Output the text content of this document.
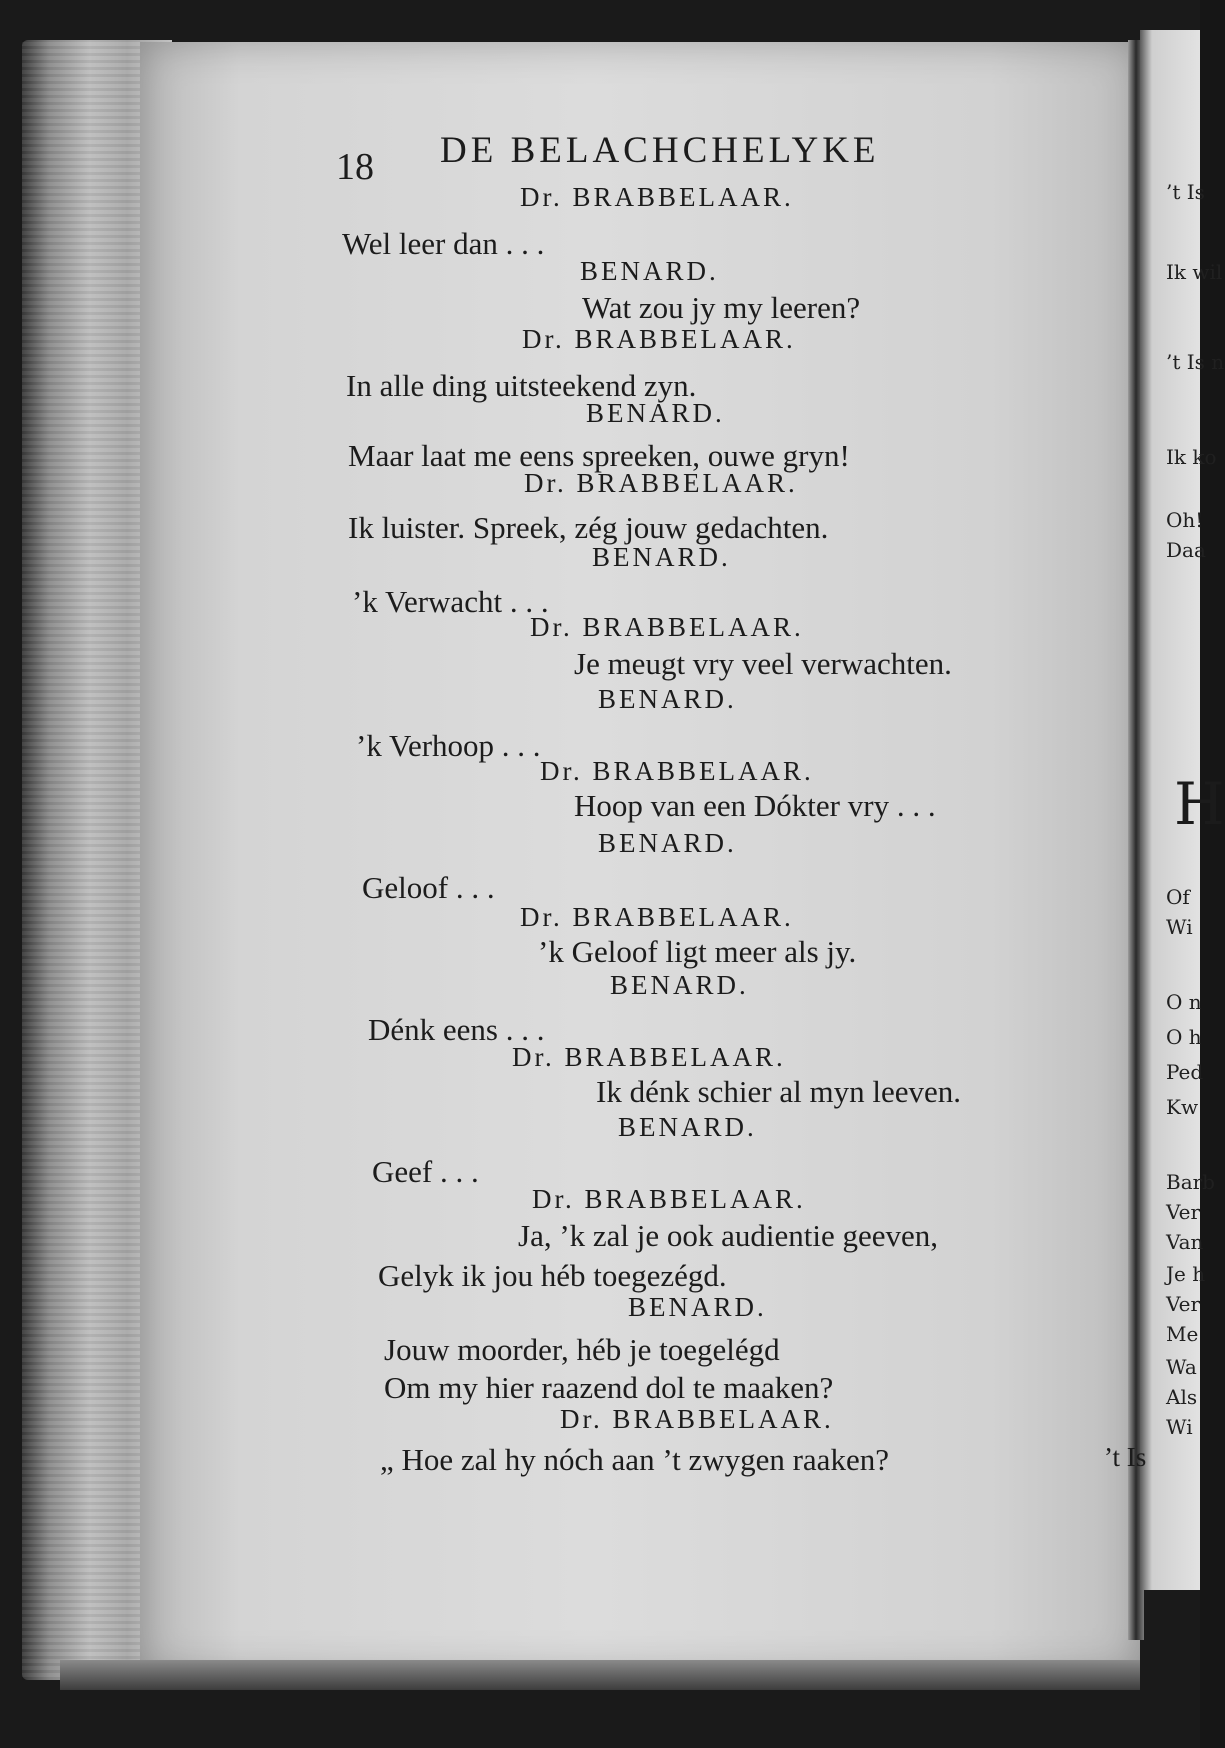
’t Is
Ik wil
’t Is n
Ik ko
Oh!
Daa
H
Of
Wi
O n
O h
Ped
Kw
Barb
Ver
Van
Je h
Ver
Me
Wa
Als
Wi
18 DE BELACHCHELYKE
Dr. BRABBELAAR.
Wel leer dan . . .
BENARD.
Wat zou jy my leeren?
Dr. BRABBELAAR.
In alle ding uitsteekend zyn.
BENARD.
Maar laat me eens spreeken, ouwe gryn!
Dr. BRABBELAAR.
Ik luister. Spreek, zég jouw gedachten.
BENARD.
’k Verwacht . . .
Dr. BRABBELAAR.
Je meugt vry veel verwachten.
BENARD.
’k Verhoop . . .
Dr. BRABBELAAR.
Hoop van een Dókter vry . . .
BENARD.
Geloof . . .
Dr. BRABBELAAR.
’k Geloof ligt meer als jy.
BENARD.
Dénk eens . . .
Dr. BRABBELAAR.
Ik dénk schier al myn leeven.
BENARD.
Geef . . .
Dr. BRABBELAAR.
Ja, ’k zal je ook audientie geeven,
Gelyk ik jou héb toegezégd.
BENARD.
Jouw moorder, héb je toegelégd
Om my hier raazend dol te maaken?
Dr. BRABBELAAR.
„ Hoe zal hy nóch aan ’t zwygen raaken?	’t Is
